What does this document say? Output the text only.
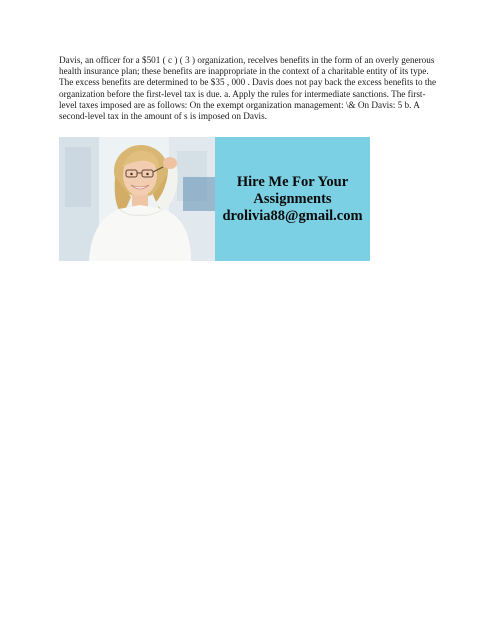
Davis, an officer for a $501 ( c ) ( 3 ) organization, recelves benefits in the form of an overly generous health insurance plan; these benefits are inappropriate in the context of a charitable entity of its type. The excess benefits are determined to be $35 , 000 . Davis does not pay back the excess benefits to the organization before the first-level tax is due. a. Apply the rules for intermediate sanctions. The first-level taxes imposed are as follows: On the exempt organization management: \& On Davis: 5 b. A second-level tax in the amount of s is imposed on Davis.

Hire Me For Your
Assignments
drolivia88@gmail.com
